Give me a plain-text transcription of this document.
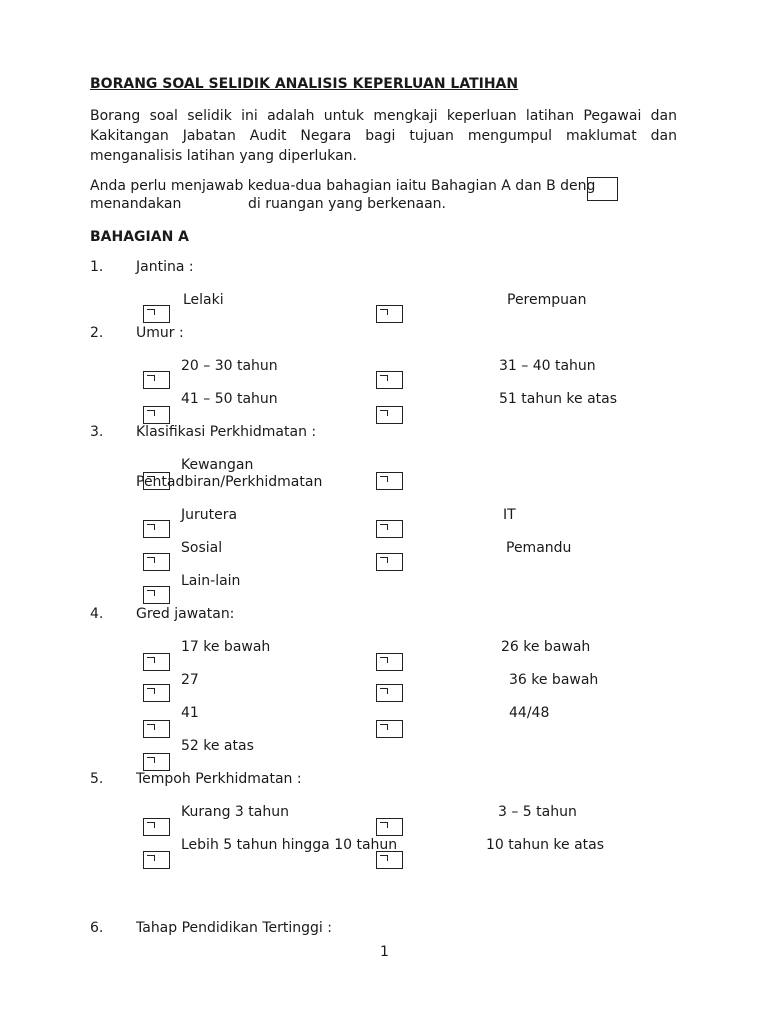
BORANG SOAL SELIDIK ANALISIS KEPERLUAN LATIHAN
Borang soal selidik ini adalah untuk mengkaji keperluan latihan Pegawai dan Kakitangan Jabatan Audit Negara bagi tujuan mengumpul maklumat dan menganalisis latihan yang diperlukan.
Anda perlu menjawab kedua-dua bahagian iaitu Bahagian A dan B deng
menandakan	di ruangan yang berkenaan.
BAHAGIAN A
1. Jantina :
Lelaki	Perempuan
2. Umur :
20 – 30 tahun	31 – 40 tahun
41 – 50 tahun	51 tahun ke atas
3. Klasifikasi Perkhidmatan :
Kewangan
Pentadbiran/Perkhidmatan
Jurutera	IT
Sosial	Pemandu
Lain-lain
4. Gred jawatan:
17 ke bawah	26 ke bawah
27	36 ke bawah
41	44/48
52 ke atas
5. Tempoh Perkhidmatan :
Kurang 3 tahun	3 – 5 tahun
Lebih 5 tahun hingga 10 tahun	10 tahun ke atas
6. Tahap Pendidikan Tertinggi :
1
